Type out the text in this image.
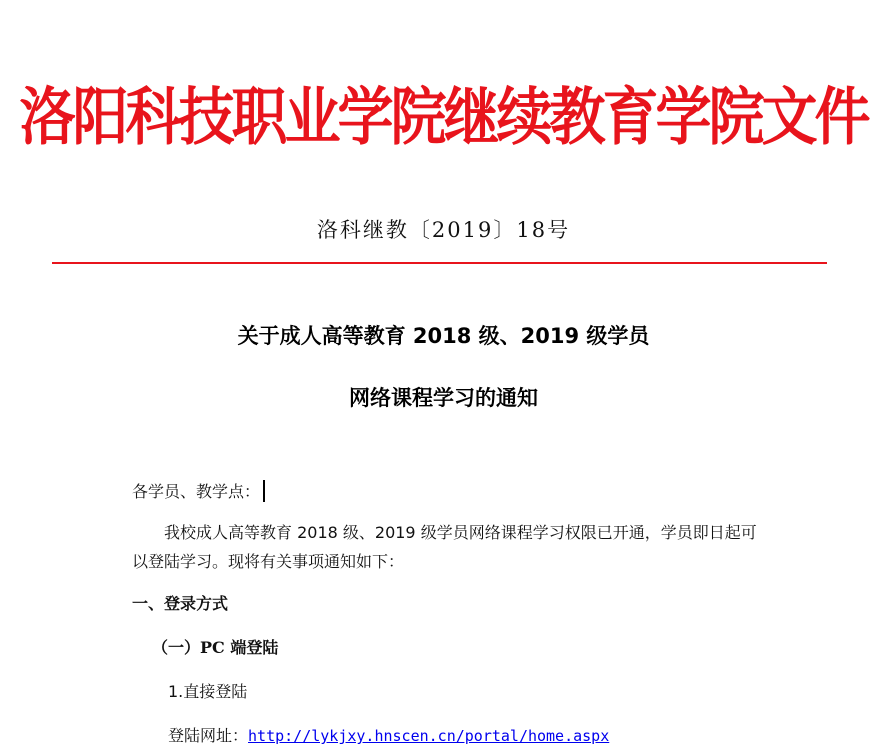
洛阳科技职业学院继续教育学院文件
洛科继教〔2019〕18号
关于成人高等教育 2018 级、2019 级学员
网络课程学习的通知
各学员、教学点：
我校成人高等教育 2018 级、2019 级学员网络课程学习权限已开通，学员即日起可以登陆学习。现将有关事项通知如下：
一、登录方式
（一）PC 端登陆
1.直接登陆
登陆网址：http://lykjxy.hnscen.cn/portal/home.aspx
